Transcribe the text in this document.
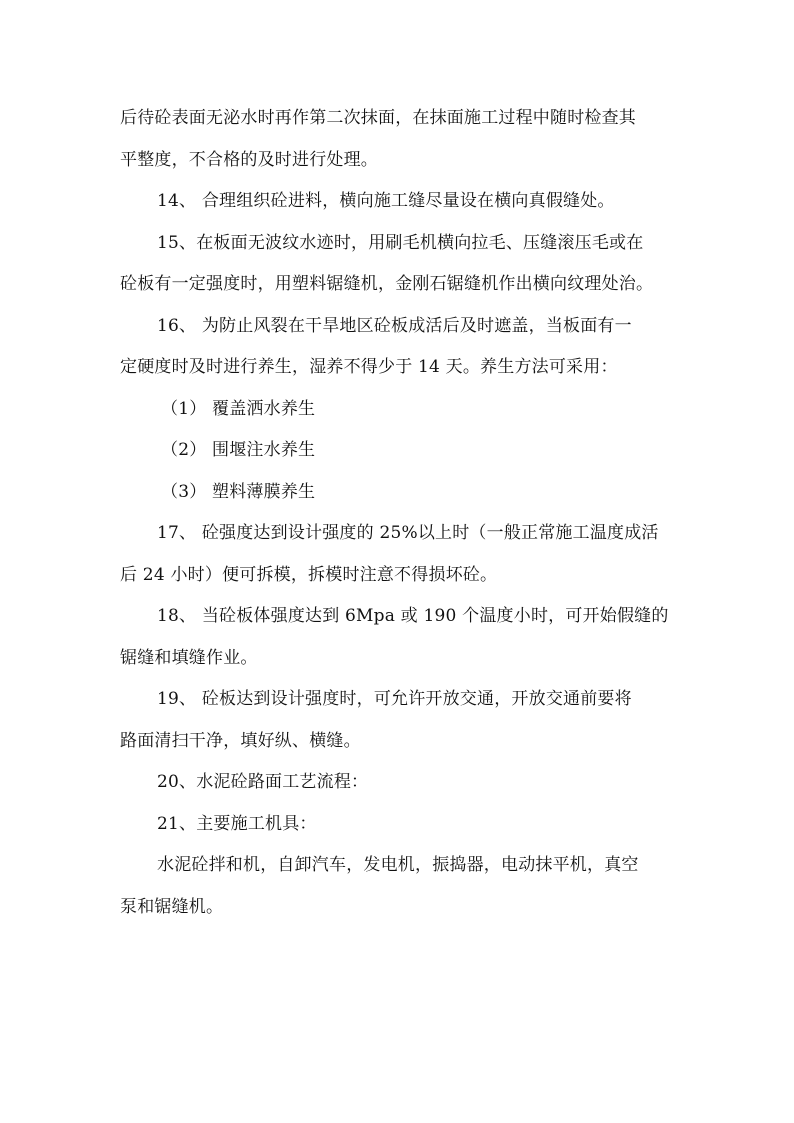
后待砼表面无泌水时再作第二次抹面，在抹面施工过程中随时检查其
平整度，不合格的及时进行处理。
14、 合理组织砼进料，横向施工缝尽量设在横向真假缝处。
15、在板面无波纹水迹时，用刷毛机横向拉毛、压缝滚压毛或在
砼板有一定强度时，用塑料锯缝机，金刚石锯缝机作出横向纹理处治。
16、 为防止风裂在干旱地区砼板成活后及时遮盖，当板面有一
定硬度时及时进行养生，湿养不得少于 14 天。养生方法可采用：
（1） 覆盖洒水养生
（2） 围堰注水养生
（3） 塑料薄膜养生
17、 砼强度达到设计强度的 25%以上时（一般正常施工温度成活
后 24 小时）便可拆模，拆模时注意不得损坏砼。
18、 当砼板体强度达到 6Mpa 或 190 个温度小时，可开始假缝的
锯缝和填缝作业。
19、 砼板达到设计强度时，可允许开放交通，开放交通前要将
路面清扫干净，填好纵、横缝。
20、水泥砼路面工艺流程：
21、主要施工机具：
水泥砼拌和机，自卸汽车，发电机，振捣器，电动抹平机，真空
泵和锯缝机。
